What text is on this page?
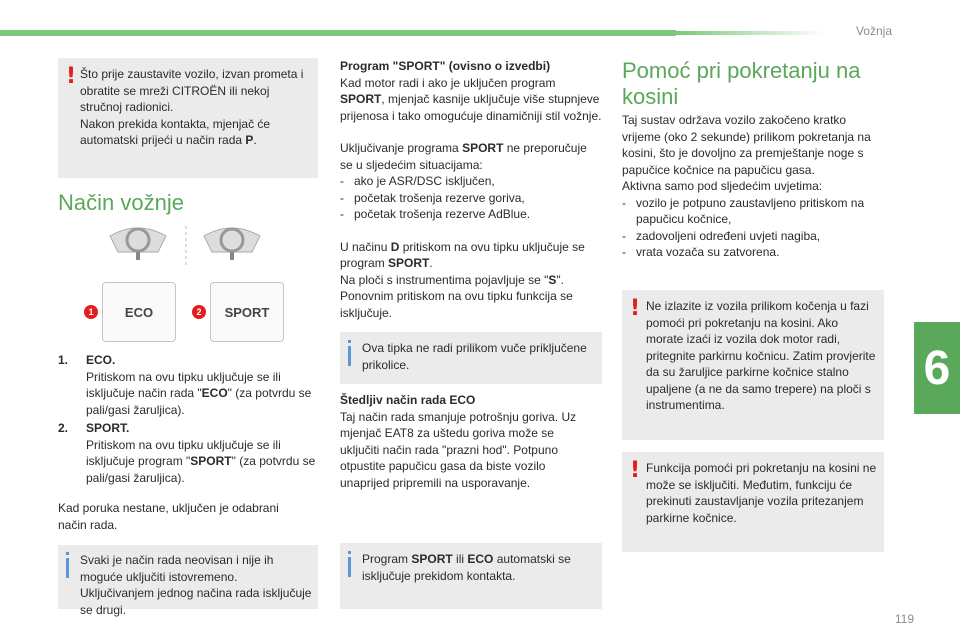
Vožnja
6
119
! Što prije zaustavite vozilo, izvan prometa i obratite se mreži CITROËN ili nekoj stručnoj radionici.
Nakon prekida kontakta, mjenjač će automatski prijeći u način rada P.
Način vožnje
1	ECO	2	SPORT
1. ECO.
Pritiskom na ovu tipku uključuje se ili isključuje način rada "ECO" (za potvrdu se pali/gasi žaruljica).
2. SPORT.
Pritiskom na ovu tipku uključuje se ili isključuje program "SPORT" (za potvrdu se pali/gasi žaruljica).
Kad poruka nestane, uključen je odabrani način rada.
Svaki je način rada neovisan i nije ih moguće uključiti istovremeno. Uključivanjem jednog načina rada isključuje se drugi.
Program "SPORT" (ovisno o izvedbi)
Kad motor radi i ako je uključen program SPORT, mjenjač kasnije uključuje više stupnjeve prijenosa i tako omogućuje dinamičniji stil vožnje.
Uključivanje programa SPORT ne preporučuje se u sljedećim situacijama:
- ako je ASR/DSC isključen,
- početak trošenja rezerve goriva,
- početak trošenja rezerve AdBlue.
U načinu D pritiskom na ovu tipku uključuje se program SPORT.
Na ploči s instrumentima pojavljuje se "S".
Ponovnim pritiskom na ovu tipku funkcija se isključuje.
Ova tipka ne radi prilikom vuče priključene prikolice.
Štedljiv način rada ECO
Taj način rada smanjuje potrošnju goriva. Uz mjenjač EAT8 za uštedu goriva može se uključiti način rada "prazni hod". Potpuno otpustite papučicu gasa da biste vozilo unaprijed pripremili na usporavanje.
Program SPORT ili ECO automatski se isključuje prekidom kontakta.
Pomoć pri pokretanju na kosini
Taj sustav održava vozilo zakočeno kratko vrijeme (oko 2 sekunde) prilikom pokretanja na kosini, što je dovoljno za premještanje noge s papučice kočnice na papučicu gasa.
Aktivna samo pod sljedećim uvjetima:
- vozilo je potpuno zaustavljeno pritiskom na papučicu kočnice,
- zadovoljeni određeni uvjeti nagiba,
- vrata vozača su zatvorena.
! Ne izlazite iz vozila prilikom kočenja u fazi pomoći pri pokretanju na kosini. Ako morate izaći iz vozila dok motor radi, pritegnite parkirnu kočnicu. Zatim provjerite da su žaruljice parkirne kočnice stalno upaljene (a ne da samo trepere) na ploči s instrumentima.
! Funkcija pomoći pri pokretanju na kosini ne može se isključiti. Međutim, funkciju će prekinuti zaustavljanje vozila pritezanjem parkirne kočnice.
